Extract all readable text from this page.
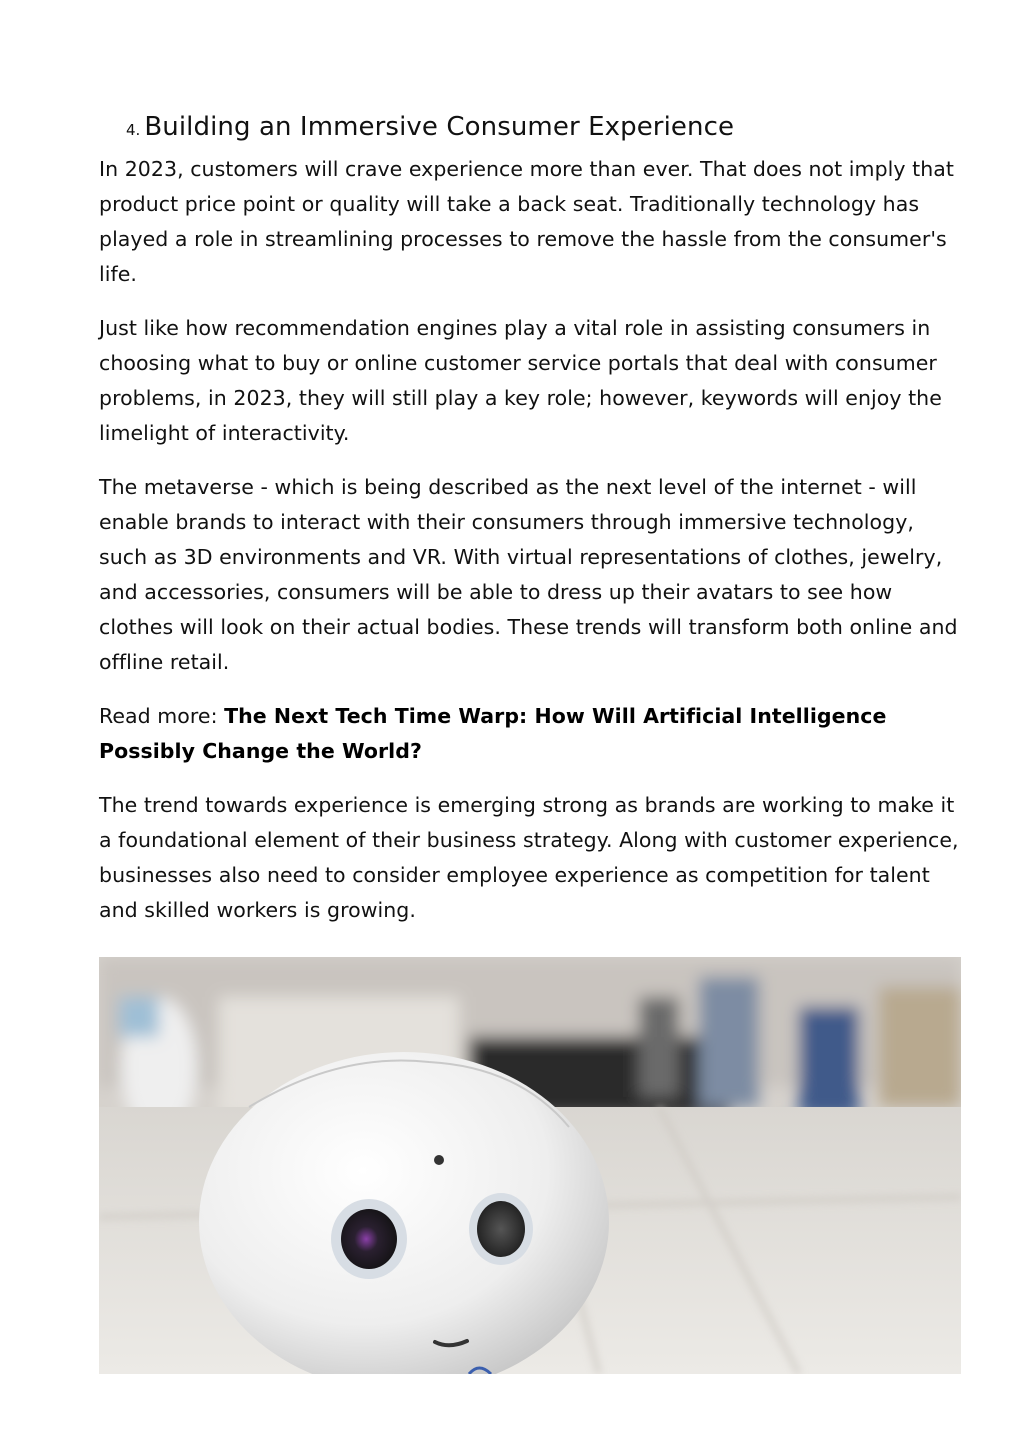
4. Building an Immersive Consumer Experience

In 2023, customers will crave experience more than ever. That does not imply that product price point or quality will take a back seat. Traditionally technology has played a role in streamlining processes to remove the hassle from the consumer's life.

Just like how recommendation engines play a vital role in assisting consumers in choosing what to buy or online customer service portals that deal with consumer problems, in 2023, they will still play a key role; however, keywords will enjoy the limelight of interactivity.

The metaverse - which is being described as the next level of the internet - will enable brands to interact with their consumers through immersive technology, such as 3D environments and VR. With virtual representations of clothes, jewelry, and accessories, consumers will be able to dress up their avatars to see how clothes will look on their actual bodies. These trends will transform both online and offline retail.

Read more: The Next Tech Time Warp: How Will Artificial Intelligence Possibly Change the World?

The trend towards experience is emerging strong as brands are working to make it a foundational element of their business strategy. Along with customer experience, businesses also need to consider employee experience as competition for talent and skilled workers is growing.
